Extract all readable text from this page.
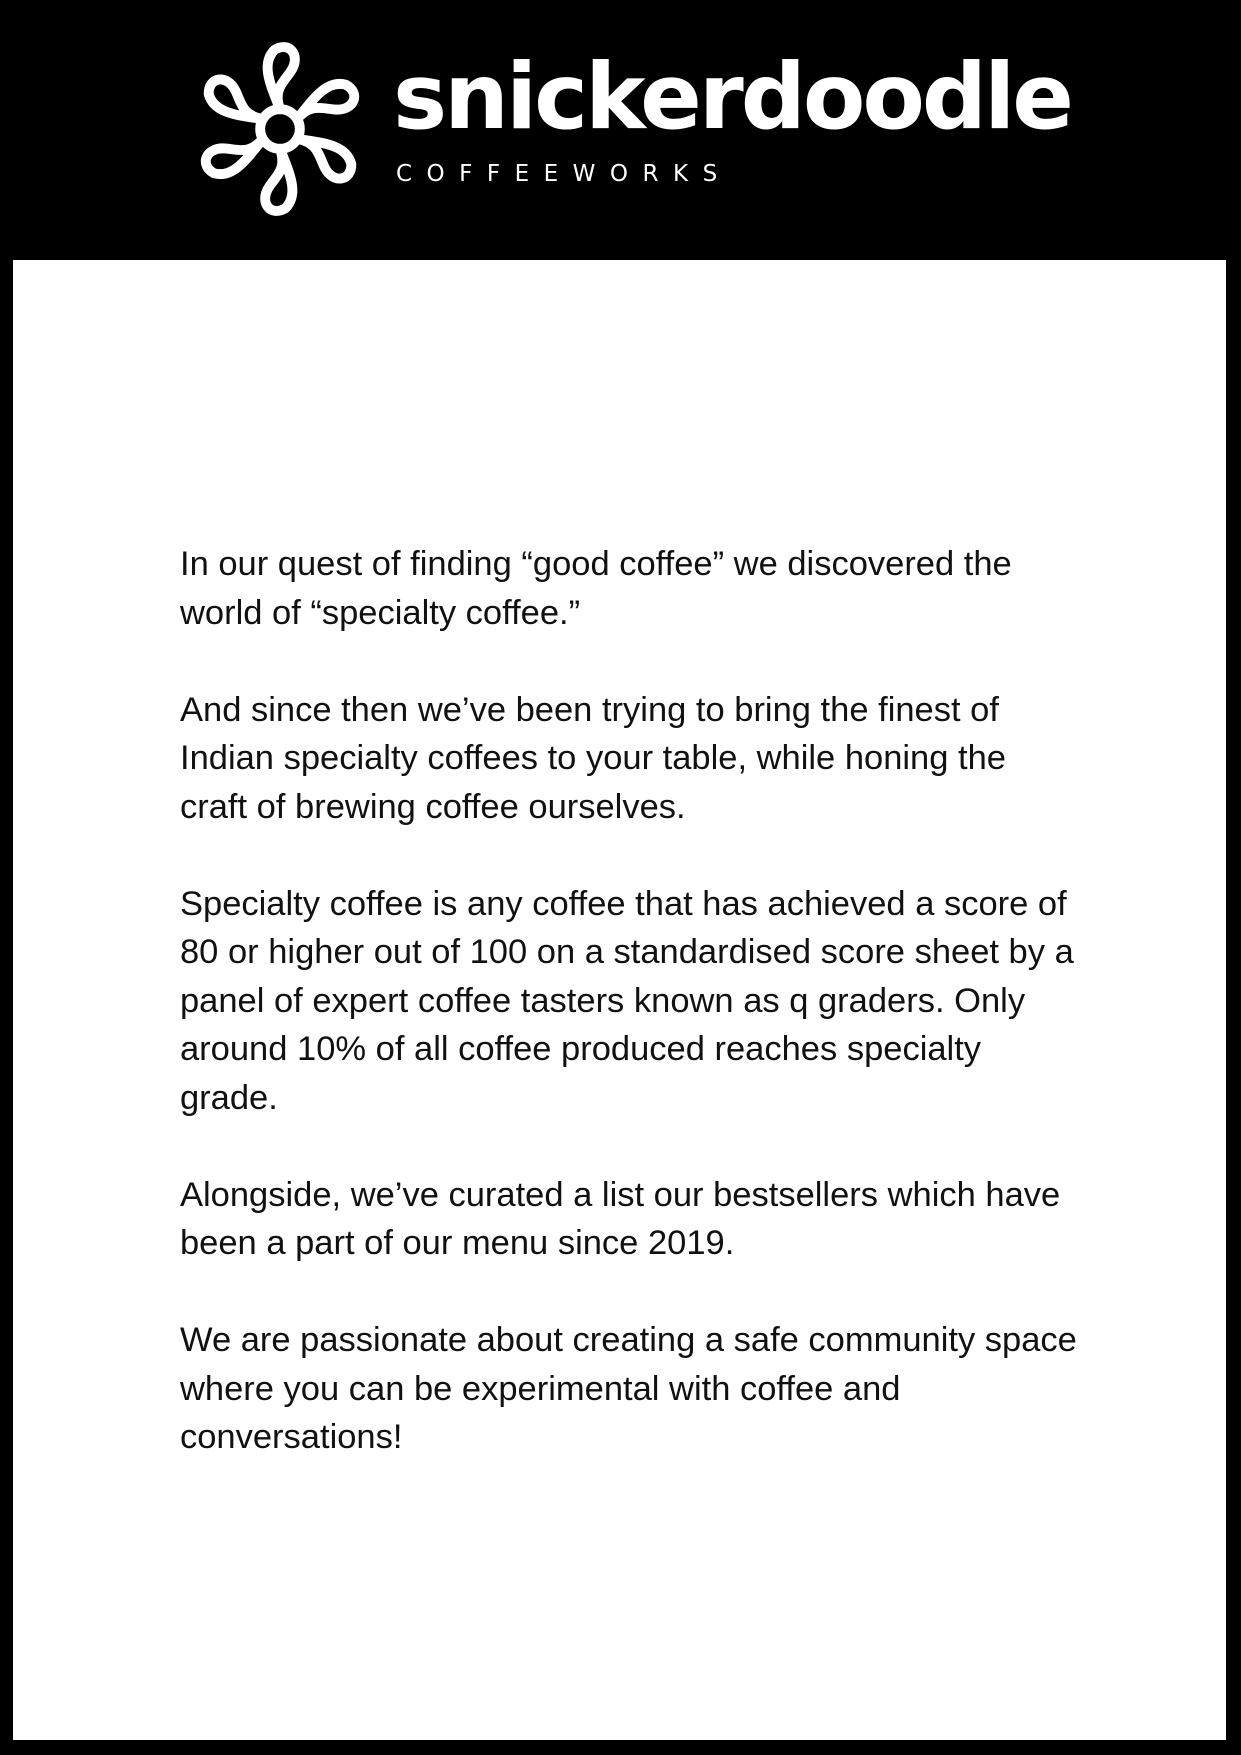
snickerdoodle
COFFEEWORKS

In our quest of finding “good coffee” we discovered the world of “specialty coffee.”

And since then we’ve been trying to bring the finest of Indian specialty coffees to your table, while honing the craft of brewing coffee ourselves.

Specialty coffee is any coffee that has achieved a score of 80 or higher out of 100 on a standardised score sheet by a panel of expert coffee tasters known as q graders. Only around 10% of all coffee produced reaches specialty grade.

Alongside, we’ve curated a list our bestsellers which have been a part of our menu since 2019.

We are passionate about creating a safe community space where you can be experimental with coffee and conversations!
